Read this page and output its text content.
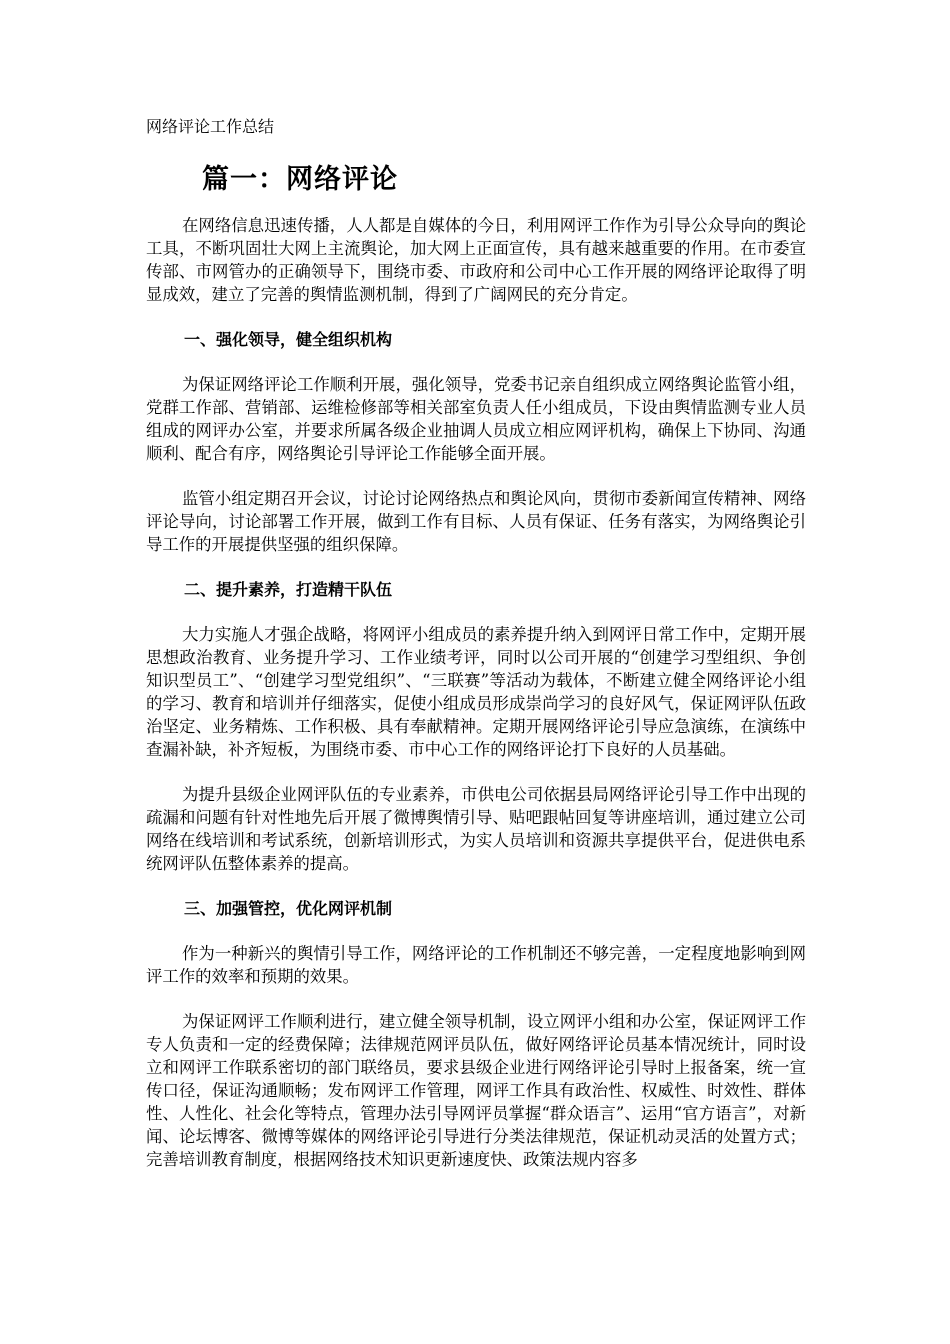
网络评论工作总结

篇一：网络评论

在网络信息迅速传播，人人都是自媒体的今日，利用网评工作作为引导公众导向的舆论工具，不断巩固壮大网上主流舆论，加大网上正面宣传，具有越来越重要的作用。在市委宣传部、市网管办的正确领导下，围绕市委、市政府和公司中心工作开展的网络评论取得了明显成效，建立了完善的舆情监测机制，得到了广阔网民的充分肯定。

一、强化领导，健全组织机构

为保证网络评论工作顺利开展，强化领导，党委书记亲自组织成立网络舆论监管小组，党群工作部、营销部、运维检修部等相关部室负责人任小组成员，下设由舆情监测专业人员组成的网评办公室，并要求所属各级企业抽调人员成立相应网评机构，确保上下协同、沟通顺利、配合有序，网络舆论引导评论工作能够全面开展。

监管小组定期召开会议，讨论讨论网络热点和舆论风向，贯彻市委新闻宣传精神、网络评论导向，讨论部署工作开展，做到工作有目标、人员有保证、任务有落实，为网络舆论引导工作的开展提供坚强的组织保障。

二、提升素养，打造精干队伍

大力实施人才强企战略，将网评小组成员的素养提升纳入到网评日常工作中，定期开展思想政治教育、业务提升学习、工作业绩考评，同时以公司开展的“创建学习型组织、争创知识型员工”、“创建学习型党组织”、“三联赛”等活动为载体，不断建立健全网络评论小组的学习、教育和培训并仔细落实，促使小组成员形成崇尚学习的良好风气，保证网评队伍政治坚定、业务精炼、工作积极、具有奉献精神。定期开展网络评论引导应急演练，在演练中查漏补缺，补齐短板，为围绕市委、市中心工作的网络评论打下良好的人员基础。

为提升县级企业网评队伍的专业素养，市供电公司依据县局网络评论引导工作中出现的疏漏和问题有针对性地先后开展了微博舆情引导、贴吧跟帖回复等讲座培训，通过建立公司网络在线培训和考试系统，创新培训形式，为实人员培训和资源共享提供平台，促进供电系统网评队伍整体素养的提高。

三、加强管控，优化网评机制

作为一种新兴的舆情引导工作，网络评论的工作机制还不够完善，一定程度地影响到网评工作的效率和预期的效果。

为保证网评工作顺利进行，建立健全领导机制，设立网评小组和办公室，保证网评工作专人负责和一定的经费保障；法律规范网评员队伍，做好网络评论员基本情况统计，同时设立和网评工作联系密切的部门联络员，要求县级企业进行网络评论引导时上报备案，统一宣传口径，保证沟通顺畅；发布网评工作管理，网评工作具有政治性、权威性、时效性、群体性、人性化、社会化等特点，管理办法引导网评员掌握“群众语言”、运用“官方语言”，对新闻、论坛博客、微博等媒体的网络评论引导进行分类法律规范，保证机动灵活的处置方式；完善培训教育制度，根据网络技术知识更新速度快、政策法规内容多
